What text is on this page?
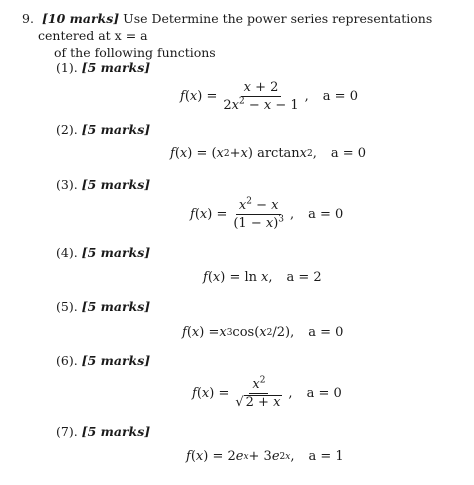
9. [10 marks] Use Determine the power series representations centered at x = a
of the following functions
(1). [5 marks]
f ( x ) = $\frac{x + 2}{2x^2 - x - 1}$ , a = 0
(2). [5 marks]
f ( x ) = ( x 2 + x ) arctan x 2 , a = 0
(3). [5 marks]
f ( x ) = $\frac{x^2 - x}{(1 - x)^3}$ , a = 0
(4). [5 marks]
f ( x ) = ln x , a = 2
(5). [5 marks]
f ( x ) = x 3 cos( x 2 /2), a = 0
(6). [5 marks]
f ( x ) = $\frac{x^2}{√ 2 + x}$ , a = 0
(7). [5 marks]
f ( x ) = 2 e x + 3 e 2x , a = 1
